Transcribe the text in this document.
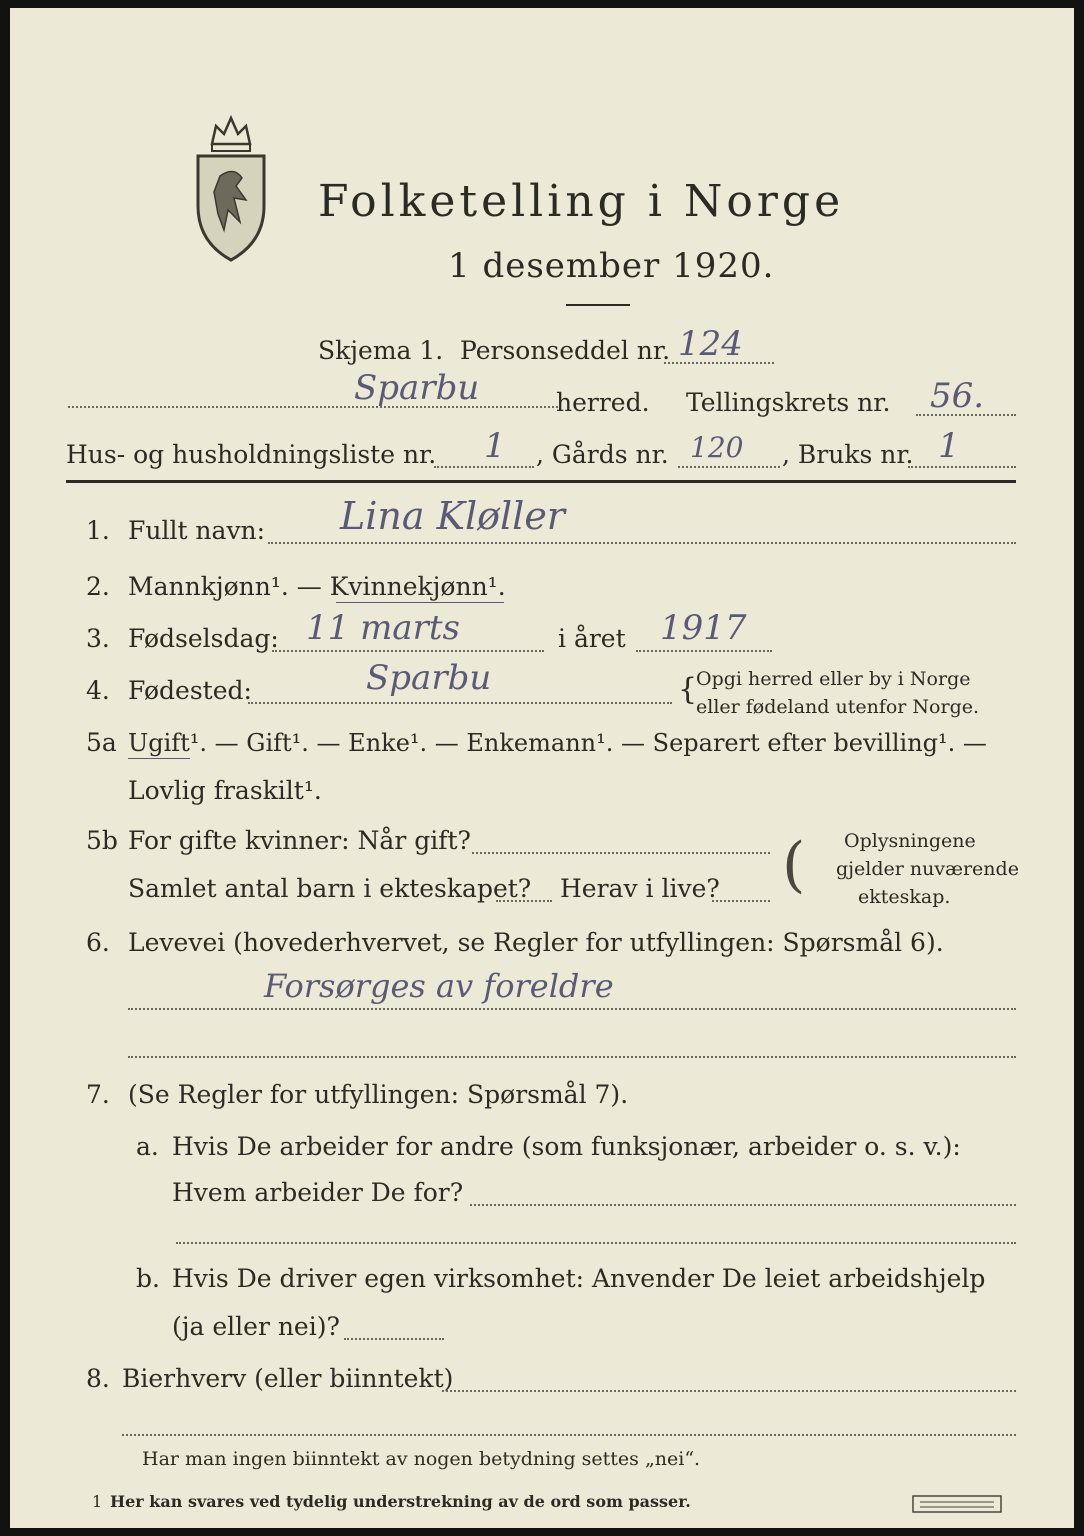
Folketelling i Norge
1 desember 1920.
Skjema 1. Personseddel nr. 124
Sparbu	herred. Tellingskrets nr. 56.
Hus- og husholdningsliste nr. 1 , Gårds nr. 120 , Bruks nr. 1
1. Fullt navn: Lina Kløller
2. Mannkjønn¹. — Kvinnekjønn¹.
3. Fødselsdag: 11 marts	i året 1917
4. Fødested:	Sparbu	{
Opgi herred eller by i Norge
eller fødeland utenfor Norge.
5a Ugift¹. — Gift¹. — Enke¹. — Enkemann¹. — Separert efter bevilling¹. —
Lovlig fraskilt¹.
5b For gifte kvinner: Når gift?
Samlet antal barn i ekteskapet? Herav i live? ( Oplysningene
gjelder nuværende
ekteskap.
6. Levevei (hovederhvervet, se Regler for utfyllingen: Spørsmål 6).
Forsørges av foreldre
7. (Se Regler for utfyllingen: Spørsmål 7).
a. Hvis De arbeider for andre (som funksjonær, arbeider o. s. v.):
Hvem arbeider De for?
b. Hvis De driver egen virksomhet: Anvender De leiet arbeidshjelp
(ja eller nei)?
8. Bierhverv (eller biinntekt)
Har man ingen biinntekt av nogen betydning settes „nei“.
1 Her kan svares ved tydelig understrekning av de ord som passer.
